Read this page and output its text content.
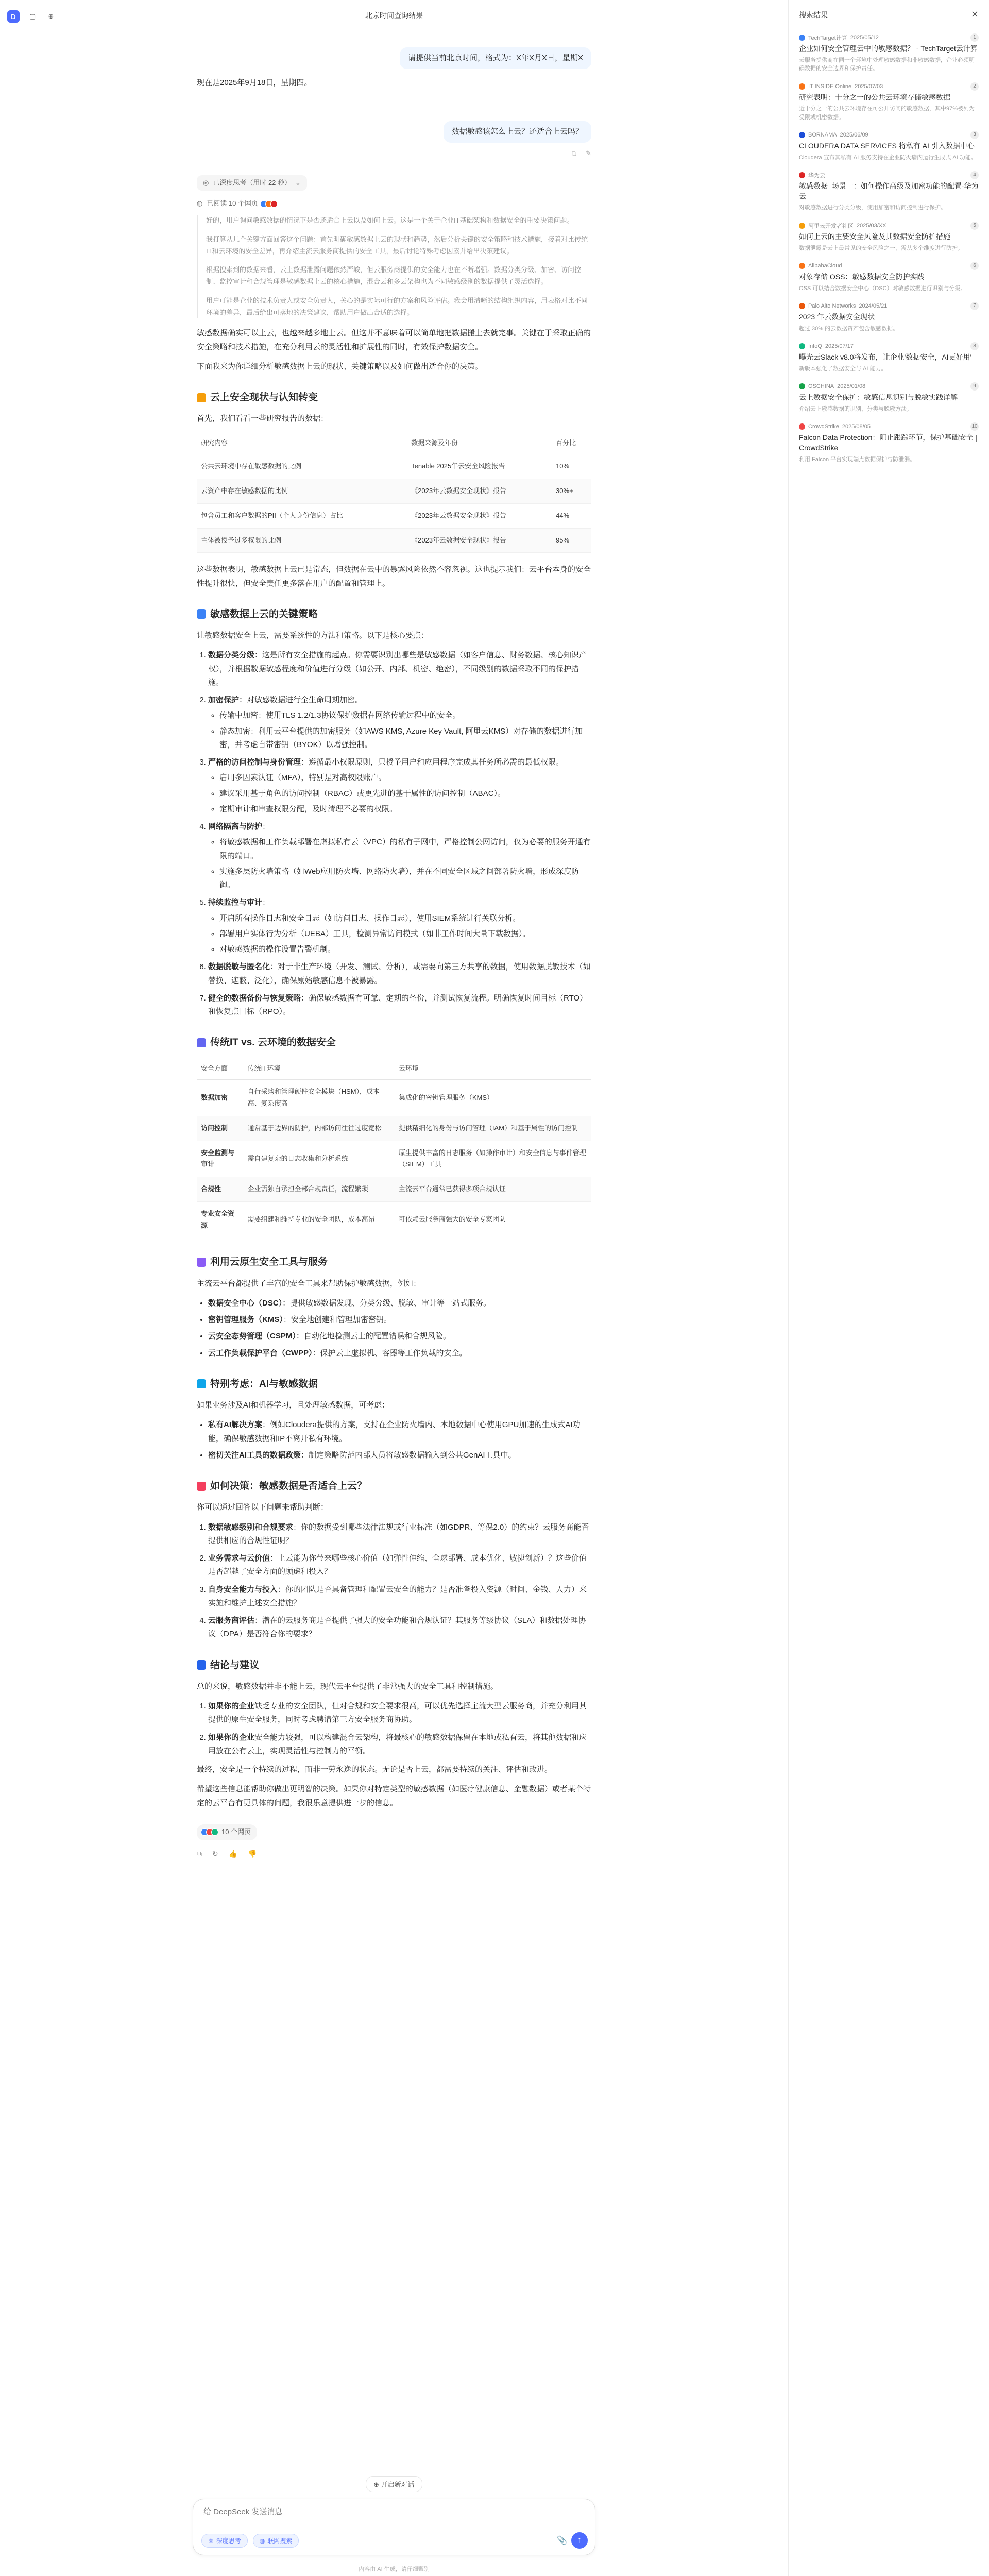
D	▢	⊕	北京时间查询结果
请提供当前北京时间，格式为：X年X月X日，星期X
现在是2025年9月18日，星期四。
数据敏感该怎么上云？还适合上云吗？
⧉ ✎
◎ 已深度思考（用时 22 秒） ⌄
◍ 已阅读 10 个网页

好的，用户询问敏感数据的情况下是否还适合上云以及如何上云。这是一个关于企业IT基础架构和数据安全的重要决策问题。

我打算从几个关键方面回答这个问题：首先明确敏感数据上云的现状和趋势，然后分析关键的安全策略和技术措施，接着对比传统IT和云环境的安全差异，再介绍主流云服务商提供的安全工具，最后讨论特殊考虑因素并给出决策建议。

根据搜索到的数据来看，云上数据泄露问题依然严峻，但云服务商提供的安全能力也在不断增强。数据分类分级、加密、访问控制、监控审计和合规管理是敏感数据上云的核心措施，混合云和多云架构也为不同敏感级别的数据提供了灵活选择。

用户可能是企业的技术负责人或安全负责人，关心的是实际可行的方案和风险评估。我会用清晰的结构组织内容，用表格对比不同环境的差异，最后给出可落地的决策建议，帮助用户做出合适的选择。

敏感数据确实可以上云，也越来越多地上云。但这并不意味着可以简单地把数据搬上去就完事。关键在于采取正确的安全策略和技术措施，在充分利用云的灵活性和扩展性的同时，有效保护数据安全。
下面我来为你详细分析敏感数据上云的现状、关键策略以及如何做出适合你的决策。
云上安全现状与认知转变
首先，我们看看一些研究报告的数据：
研究内容	数据来源及年份	百分比
公共云环境中存在敏感数据的比例	Tenable 2025年云安全风险报告	10%
云资产中存在敏感数据的比例	《2023年云数据安全现状》报告	30%+
包含员工和客户数据的PII（个人身份信息）占比	《2023年云数据安全现状》报告	44%
主体被授予过多权限的比例	《2023年云数据安全现状》报告	95%
这些数据表明，敏感数据上云已是常态，但数据在云中的暴露风险依然不容忽视。这也提示我们：云平台本身的安全性提升很快，但安全责任更多落在用户的配置和管理上。
敏感数据上云的关键策略
让敏感数据安全上云，需要系统性的方法和策略。以下是核心要点：
1. 数据分类分级：这是所有安全措施的起点。你需要识别出哪些是敏感数据（如客户信息、财务数据、核心知识产权），并根据数据敏感程度和价值进行分级（如公开、内部、机密、绝密），不同级别的数据采取不同的保护措施。
2. 加密保护：对敏感数据进行全生命周期加密。
◦ 传输中加密：使用TLS 1.2/1.3协议保护数据在网络传输过程中的安全。
◦ 静态加密：利用云平台提供的加密服务（如AWS KMS, Azure Key Vault, 阿里云KMS）对存储的数据进行加密，并考虑自带密钥（BYOK）以增强控制。
3. 严格的访问控制与身份管理：遵循最小权限原则，只授予用户和应用程序完成其任务所必需的最低权限。
◦ 启用多因素认证（MFA），特别是对高权限账户。
◦ 建议采用基于角色的访问控制（RBAC）或更先进的基于属性的访问控制（ABAC）。
◦ 定期审计和审查权限分配，及时清理不必要的权限。
4. 网络隔离与防护：
◦ 将敏感数据和工作负载部署在虚拟私有云（VPC）的私有子网中，严格控制公网访问，仅为必要的服务开通有限的端口。
◦ 实施多层防火墙策略（如Web应用防火墙、网络防火墙），并在不同安全区域之间部署防火墙，形成深度防御。
5. 持续监控与审计：
◦ 开启所有操作日志和安全日志（如访问日志、操作日志），使用SIEM系统进行关联分析。
◦ 部署用户实体行为分析（UEBA）工具，检测异常访问模式（如非工作时间大量下载数据）。
◦ 对敏感数据的操作设置告警机制。
6. 数据脱敏与匿名化：对于非生产环境（开发、测试、分析），或需要向第三方共享的数据，使用数据脱敏技术（如替换、遮蔽、泛化），确保原始敏感信息不被暴露。
7. 健全的数据备份与恢复策略：确保敏感数据有可靠、定期的备份，并测试恢复流程。明确恢复时间目标（RTO）和恢复点目标（RPO）。
传统IT vs. 云环境的数据安全
安全方面	传统IT环境	云环境
数据加密	自行采购和管理硬件安全模块（HSM），成本高、复杂度高	集成化的密钥管理服务（KMS）
访问控制	通常基于边界的防护，内部访问往往过度宽松	提供精细化的身份与访问管理（IAM）和基于属性的访问控制
安全监测与审计	需自建复杂的日志收集和分析系统	原生提供丰富的日志服务（如操作审计）和安全信息与事件管理（SIEM）工具
合规性	企业需独自承担全部合规责任，流程繁琐	主流云平台通常已获得多项合规认证
专业安全资源	需要组建和维持专业的安全团队，成本高昂	可依赖云服务商强大的安全专家团队
利用云原生安全工具与服务
主流云平台都提供了丰富的安全工具来帮助保护敏感数据，例如：
• 数据安全中心（DSC）：提供敏感数据发现、分类分级、脱敏、审计等一站式服务。
• 密钥管理服务（KMS）：安全地创建和管理加密密钥。
• 云安全态势管理（CSPM）：自动化地检测云上的配置错误和合规风险。
• 云工作负载保护平台（CWPP）：保护云上虚拟机、容器等工作负载的安全。
特别考虑：AI与敏感数据
如果业务涉及AI和机器学习，且处理敏感数据，可考虑：
• 私有AI解决方案：例如Cloudera提供的方案，支持在企业防火墙内、本地数据中心使用GPU加速的生成式AI功能，确保敏感数据和IP不离开私有环境。
• 密切关注AI工具的数据政策：制定策略防范内部人员将敏感数据输入到公共GenAI工具中。
如何决策：敏感数据是否适合上云？
你可以通过回答以下问题来帮助判断：
1. 数据敏感级别和合规要求：你的数据受到哪些法律法规或行业标准（如GDPR、等保2.0）的约束？云服务商能否提供相应的合规性证明？
2. 业务需求与云价值：上云能为你带来哪些核心价值（如弹性伸缩、全球部署、成本优化、敏捷创新）？这些价值是否超越了安全方面的顾虑和投入？
3. 自身安全能力与投入：你的团队是否具备管理和配置云安全的能力？是否准备投入资源（时间、金钱、人力）来实施和维护上述安全措施？
4. 云服务商评估：潜在的云服务商是否提供了强大的安全功能和合规认证？其服务等级协议（SLA）和数据处理协议（DPA）是否符合你的要求？
结论与建议
总的来说，敏感数据并非不能上云，现代云平台提供了非常强大的安全工具和控制措施。
1. 如果你的企业缺乏专业的安全团队，但对合规和安全要求很高，可以优先选择主流大型云服务商，并充分利用其提供的原生安全服务，同时考虑聘请第三方安全服务商协助。
2. 如果你的企业安全能力较强，可以构建混合云架构，将最核心的敏感数据保留在本地或私有云，将其他数据和应用放在公有云上，实现灵活性与控制力的平衡。
最终，安全是一个持续的过程，而非一劳永逸的状态。无论是否上云，都需要持续的关注、评估和改进。
希望这些信息能帮助你做出更明智的决策。如果你对特定类型的敏感数据（如医疗健康信息、金融数据）或者某个特定的云平台有更具体的问题，我很乐意提供进一步的信息。
10 个网页
⧉ ↻ 👍 👎
⊕ 开启新对话
给 DeepSeek 发送消息
⚛ 深度思考	◍ 联网搜索	📎	↑
内容由 AI 生成，请仔细甄别
搜索结果	✕
TechTarget计算 2025/05/12	1
企业如何安全管理云中的敏感数据？ - TechTarget云计算
云服务提供商在同一个环境中处理敏感数据和非敏感数据，企业必须明确数据的安全边界和保护责任。
IT INSIDE Online 2025/07/03	2
研究表明：十分之一的公共云环境存储敏感数据
近十分之一的公共云环境存在可公开访问的敏感数据，其中97%被列为受限或机密数据。
BORNAMA 2025/06/09	3
CLOUDERA DATA SERVICES 将私有 AI 引入数据中心
Cloudera 宣布其私有 AI 服务支持在企业防火墙内运行生成式 AI 功能。
华为云	4
敏感数据_场景一：如何操作高级及加密功能的配置-华为云
对敏感数据进行分类分级，使用加密和访问控制进行保护。
阿里云开发者社区 2025/03/XX	5
如何上云的主要安全风险及其数据安全防护措施
数据泄露是云上最常见的安全风险之一，需从多个维度进行防护。
AlibabaCloud	6
对象存储 OSS：敏感数据安全防护实践
OSS 可以结合数据安全中心（DSC）对敏感数据进行识别与分级。
Palo Alto Networks 2024/05/21	7
2023 年云数据安全现状
超过 30% 的云数据资产包含敏感数据。
InfoQ 2025/07/17	8
曝光云Slack v8.0将发布，让企业'数据安全，AI更好用'
新版本强化了数据安全与 AI 能力。
OSCHINA 2025/01/08	9
云上数据安全保护：敏感信息识别与脱敏实践详解
介绍云上敏感数据的识别、分类与脱敏方法。
CrowdStrike 2025/08/05	10
Falcon Data Protection：阻止跟踪环节，保护基础安全 | CrowdStrike
利用 Falcon 平台实现端点数据保护与防泄漏。
